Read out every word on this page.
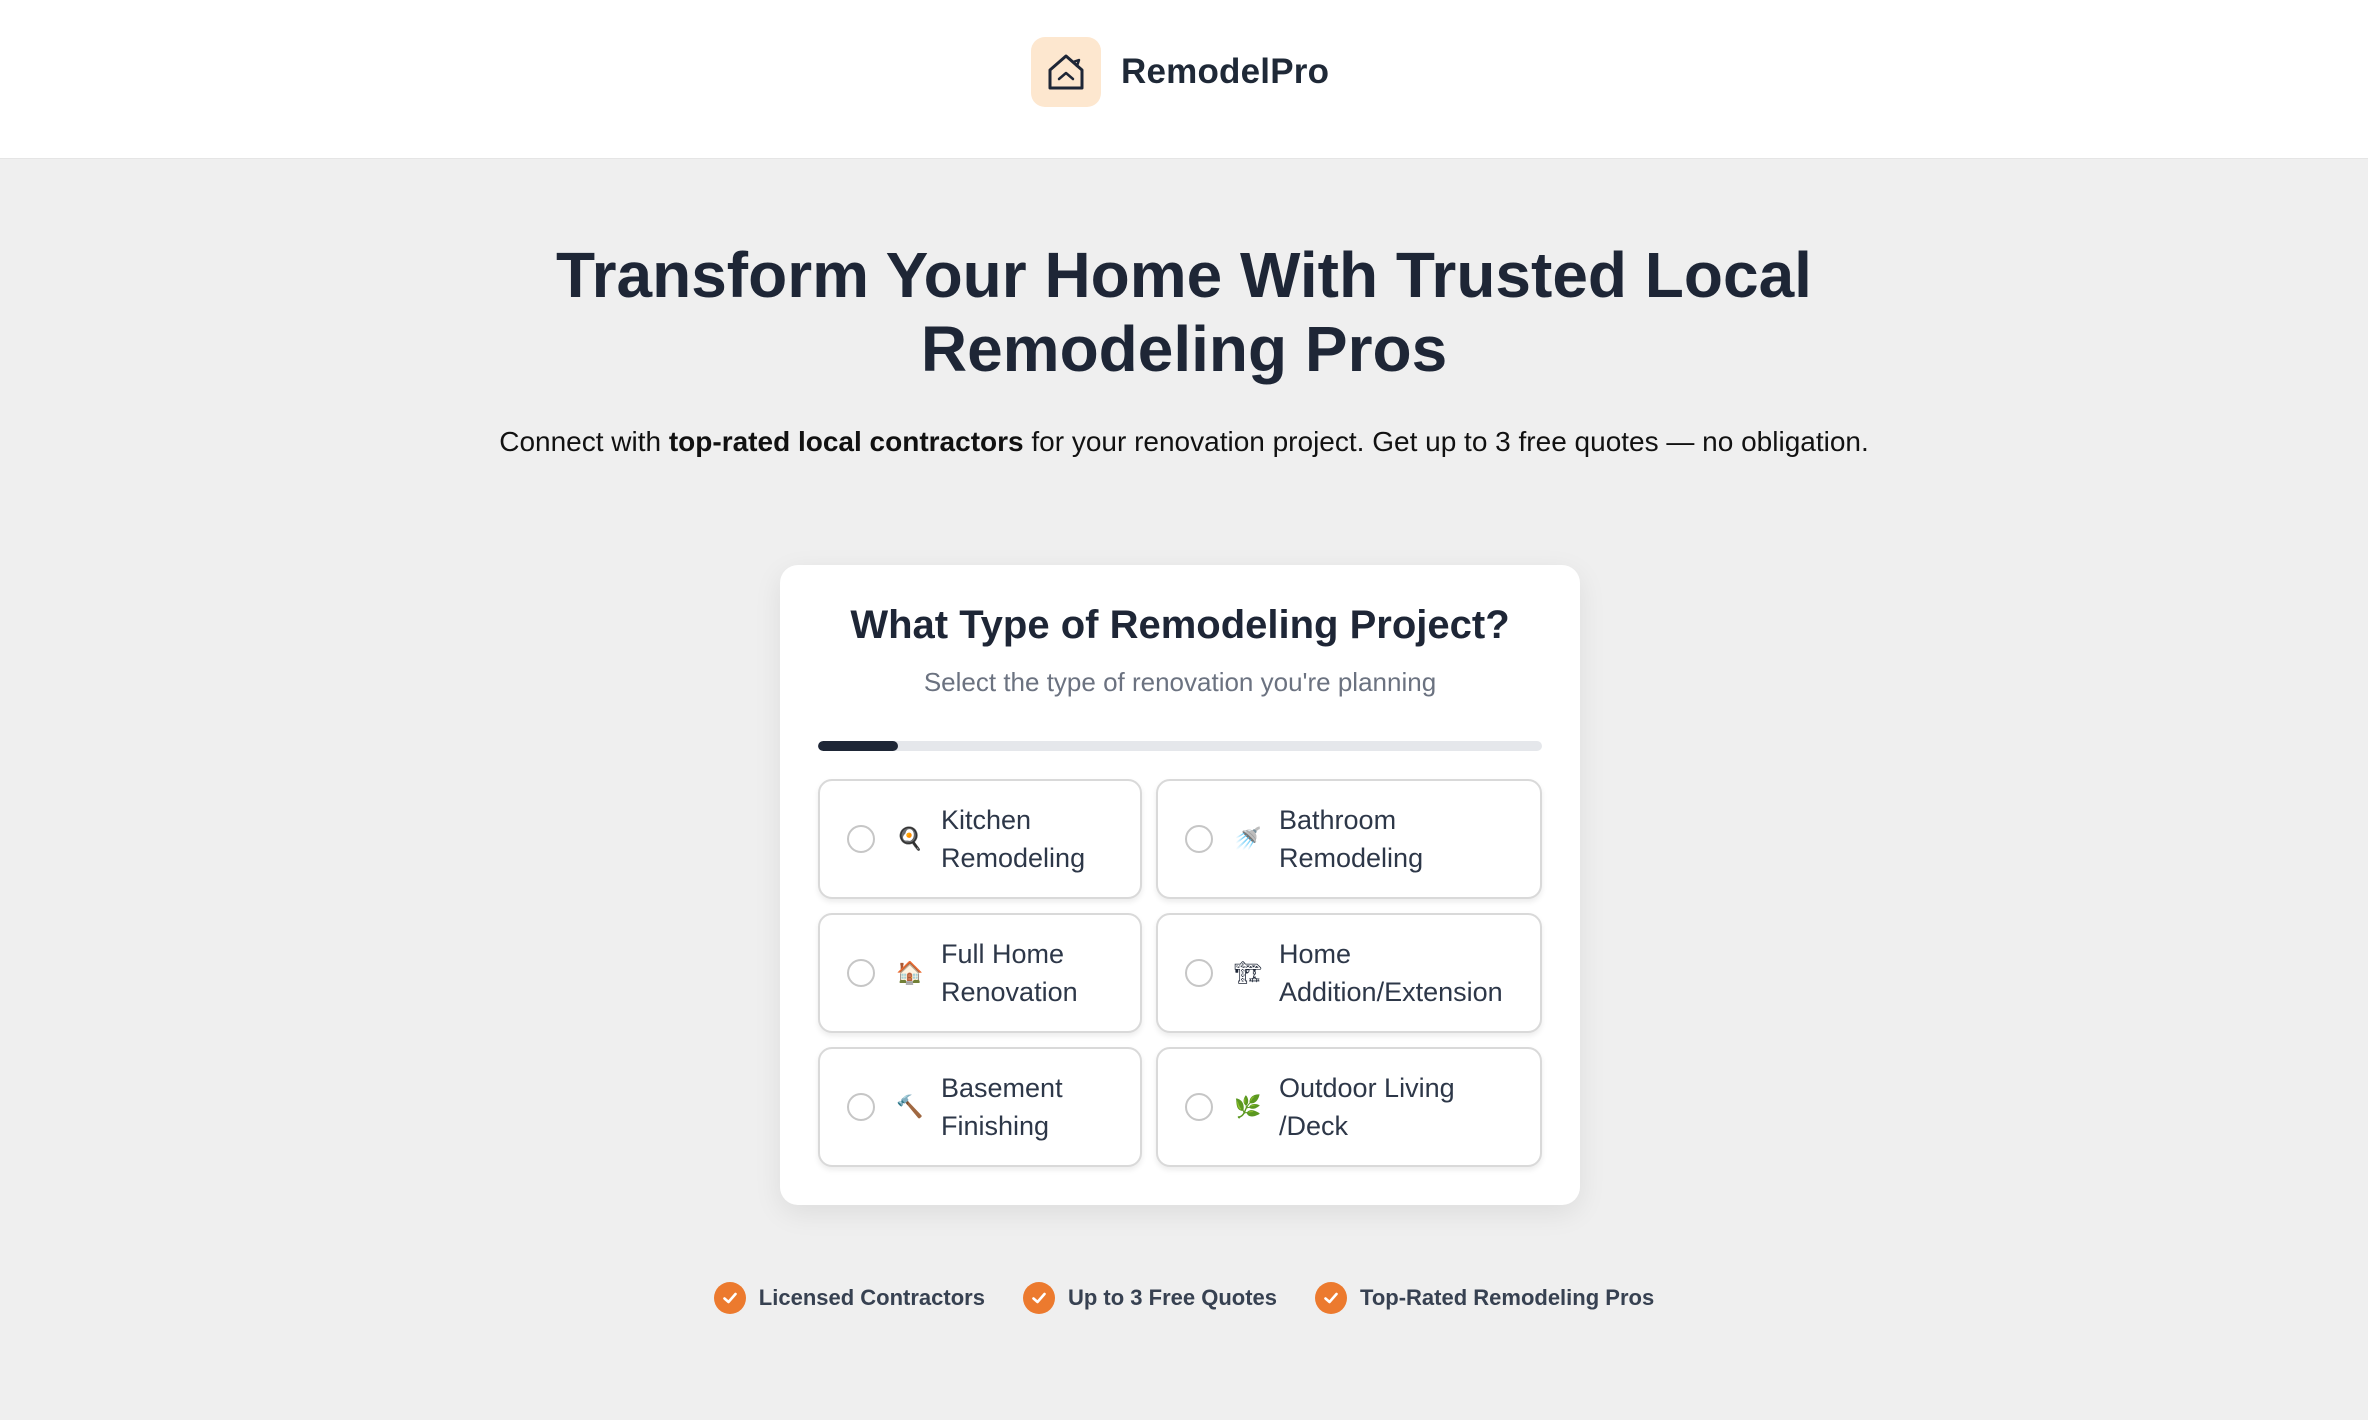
RemodelPro
Transform Your Home With Trusted Local Remodeling Pros

Connect with top-rated local contractors for your renovation project. Get up to 3 free quotes — no obligation.

What Type of Remodeling Project?

Select the type of renovation you're planning

🍳
Kitchen
Remodeling
🚿
Bathroom
Remodeling
🏠
Full Home
Renovation
🏗
Home
Addition/Extension
🔨
Basement
Finishing
🌿
Outdoor Living
/Deck
Licensed Contractors	Up to 3 Free Quotes	Top-Rated Remodeling Pros
